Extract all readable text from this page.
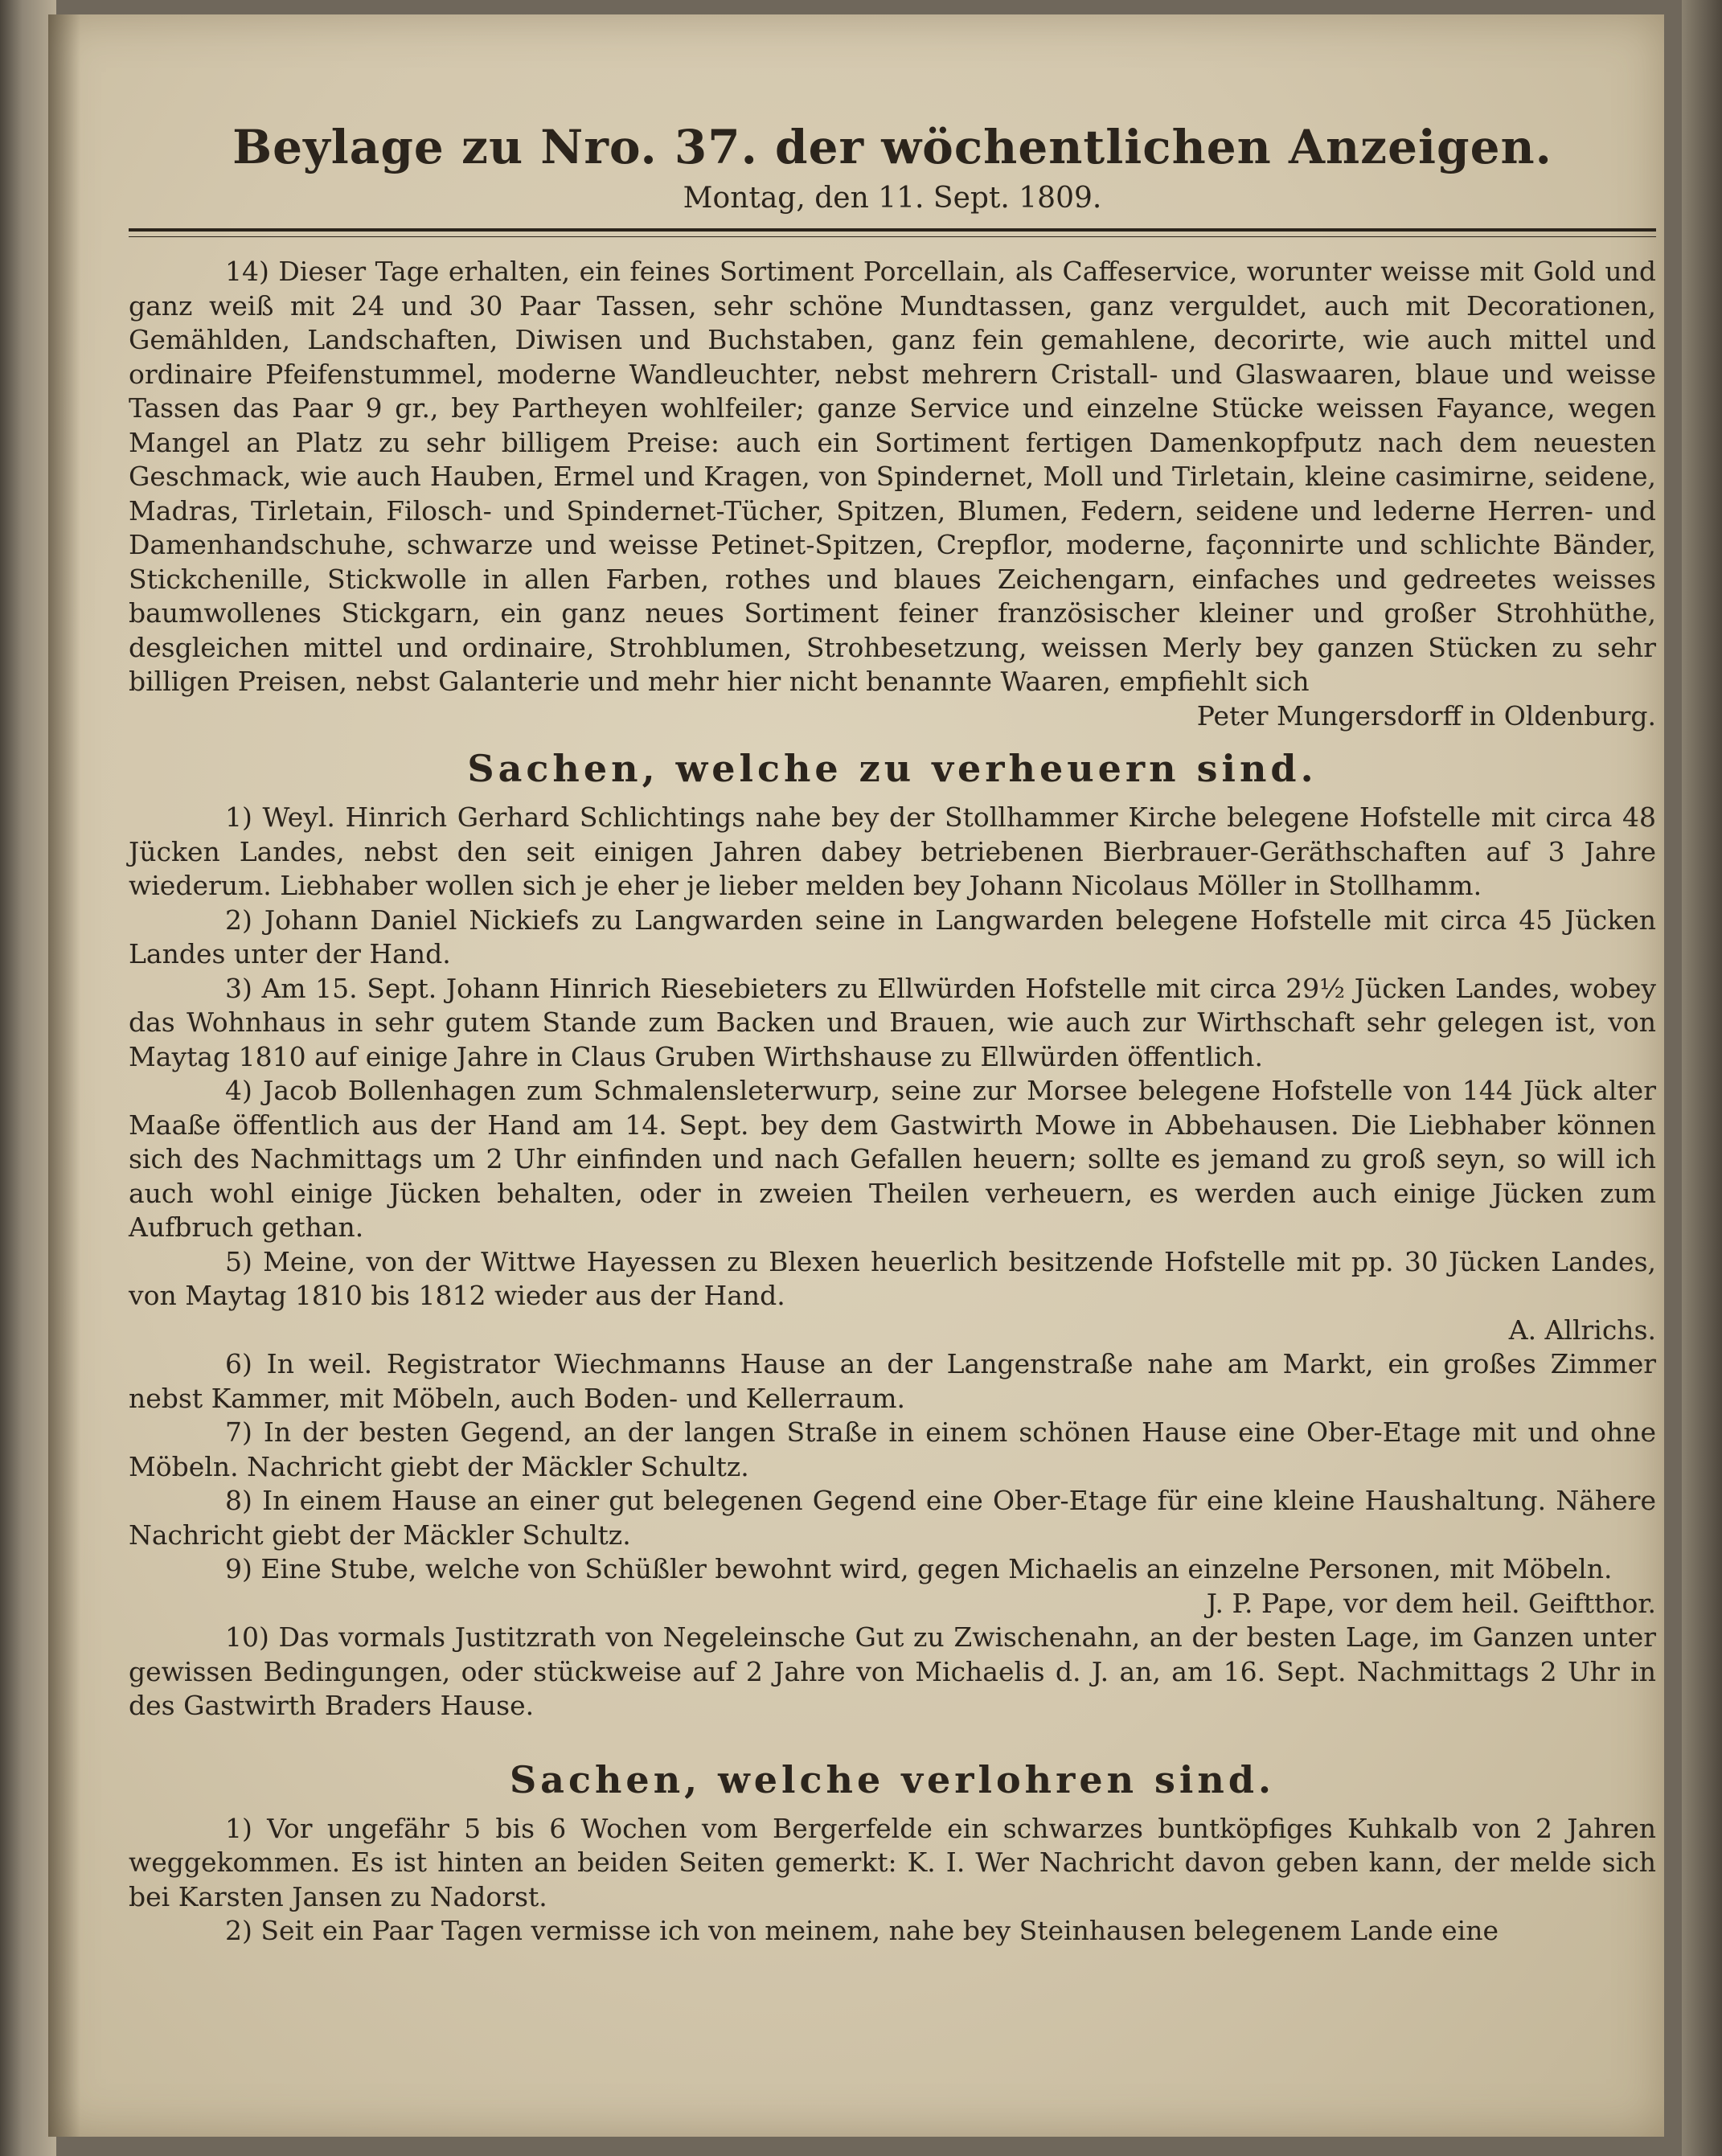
Beylage zu Nro. 37. der wöchentlichen Anzeigen.

Montag, den 11. Sept. 1809.

14) Dieser Tage erhalten, ein feines Sortiment Porcellain, als Caffeservice, worunter weisse mit Gold und ganz weiß mit 24 und 30 Paar Tassen, sehr schöne Mundtassen, ganz verguldet, auch mit Decorationen, Gemählden, Landschaften, Diwisen und Buchstaben, ganz fein gemahlene, decorirte, wie auch mittel und ordinaire Pfeifenstummel, moderne Wandleuchter, nebst mehrern Cristall- und Glaswaaren, blaue und weisse Tassen das Paar 9 gr., bey Partheyen wohlfeiler; ganze Service und einzelne Stücke weissen Fayance, wegen Mangel an Platz zu sehr billigem Preise: auch ein Sortiment fertigen Damenkopfputz nach dem neuesten Geschmack, wie auch Hauben, Ermel und Kragen, von Spindernet, Moll und Tirletain, kleine casimirne, seidene, Madras, Tirletain, Filosch- und Spindernet-Tücher, Spitzen, Blumen, Federn, seidene und lederne Herren- und Damenhandschuhe, schwarze und weisse Petinet-Spitzen, Crepflor, moderne, façonnirte und schlichte Bänder, Stickchenille, Stickwolle in allen Farben, rothes und blaues Zeichengarn, einfaches und gedreetes weisses baumwollenes Stickgarn, ein ganz neues Sortiment feiner französischer kleiner und großer Strohhüthe, desgleichen mittel und ordinaire, Strohblumen, Strohbesetzung, weissen Merly bey ganzen Stücken zu sehr billigen Preisen, nebst Galanterie und mehr hier nicht benannte Waaren, empfiehlt sich

Peter Mungersdorff in Oldenburg.

Sachen, welche zu verheuern sind.

1) Weyl. Hinrich Gerhard Schlichtings nahe bey der Stollhammer Kirche belegene Hofstelle mit circa 48 Jücken Landes, nebst den seit einigen Jahren dabey betriebenen Bierbrauer-Geräthschaften auf 3 Jahre wiederum. Liebhaber wollen sich je eher je lieber melden bey Johann Nicolaus Möller in Stollhamm.

2) Johann Daniel Nickiefs zu Langwarden seine in Langwarden belegene Hofstelle mit circa 45 Jücken Landes unter der Hand.

3) Am 15. Sept. Johann Hinrich Riesebieters zu Ellwürden Hofstelle mit circa 29½ Jücken Landes, wobey das Wohnhaus in sehr gutem Stande zum Backen und Brauen, wie auch zur Wirthschaft sehr gelegen ist, von Maytag 1810 auf einige Jahre in Claus Gruben Wirthshause zu Ellwürden öffentlich.

4) Jacob Bollenhagen zum Schmalensleterwurp, seine zur Morsee belegene Hofstelle von 144 Jück alter Maaße öffentlich aus der Hand am 14. Sept. bey dem Gastwirth Mowe in Abbehausen. Die Liebhaber können sich des Nachmittags um 2 Uhr einfinden und nach Gefallen heuern; sollte es jemand zu groß seyn, so will ich auch wohl einige Jücken behalten, oder in zweien Theilen verheuern, es werden auch einige Jücken zum Aufbruch gethan.

5) Meine, von der Wittwe Hayessen zu Blexen heuerlich besitzende Hofstelle mit pp. 30 Jücken Landes, von Maytag 1810 bis 1812 wieder aus der Hand.

A. Allrichs.

6) In weil. Registrator Wiechmanns Hause an der Langenstraße nahe am Markt, ein großes Zimmer nebst Kammer, mit Möbeln, auch Boden- und Kellerraum.

7) In der besten Gegend, an der langen Straße in einem schönen Hause eine Ober-Etage mit und ohne Möbeln. Nachricht giebt der Mäckler Schultz.

8) In einem Hause an einer gut belegenen Gegend eine Ober-Etage für eine kleine Haushaltung. Nähere Nachricht giebt der Mäckler Schultz.

9) Eine Stube, welche von Schüßler bewohnt wird, gegen Michaelis an einzelne Personen, mit Möbeln.

J. P. Pape, vor dem heil. Geiftthor.

10) Das vormals Justitzrath von Negeleinsche Gut zu Zwischenahn, an der besten Lage, im Ganzen unter gewissen Bedingungen, oder stückweise auf 2 Jahre von Michaelis d. J. an, am 16. Sept. Nachmittags 2 Uhr in des Gastwirth Braders Hause.

Sachen, welche verlohren sind.

1) Vor ungefähr 5 bis 6 Wochen vom Bergerfelde ein schwarzes buntköpfiges Kuhkalb von 2 Jahren weggekommen. Es ist hinten an beiden Seiten gemerkt: K. I. Wer Nachricht davon geben kann, der melde sich bei Karsten Jansen zu Nadorst.

2) Seit ein Paar Tagen vermisse ich von meinem, nahe bey Steinhausen belegenem Lande eine
